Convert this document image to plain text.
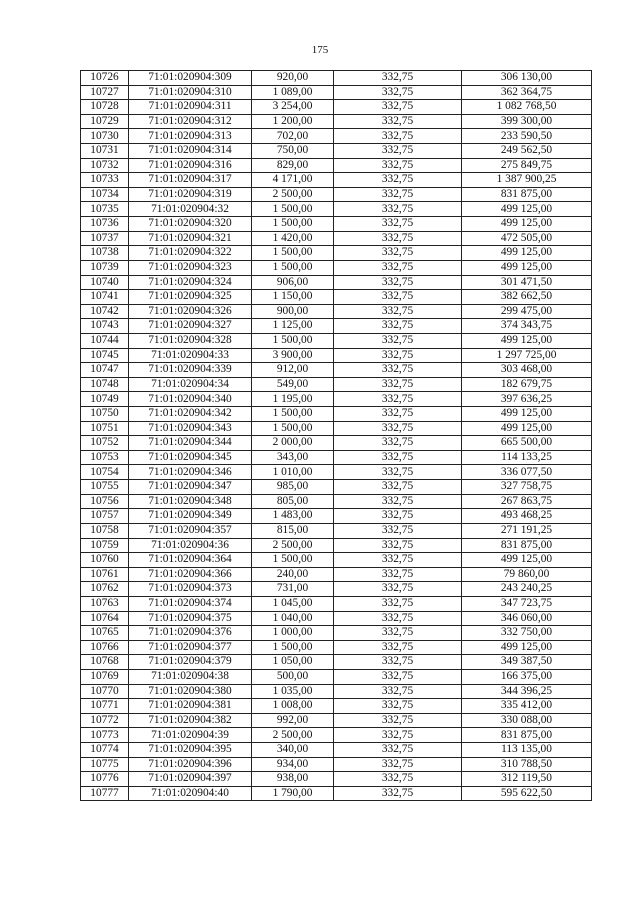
175
10726	71:01:020904:309	920,00	332,75	306 130,00
10727	71:01:020904:310	1 089,00	332,75	362 364,75
10728	71:01:020904:311	3 254,00	332,75	1 082 768,50
10729	71:01:020904:312	1 200,00	332,75	399 300,00
10730	71:01:020904:313	702,00	332,75	233 590,50
10731	71:01:020904:314	750,00	332,75	249 562,50
10732	71:01:020904:316	829,00	332,75	275 849,75
10733	71:01:020904:317	4 171,00	332,75	1 387 900,25
10734	71:01:020904:319	2 500,00	332,75	831 875,00
10735	71:01:020904:32	1 500,00	332,75	499 125,00
10736	71:01:020904:320	1 500,00	332,75	499 125,00
10737	71:01:020904:321	1 420,00	332,75	472 505,00
10738	71:01:020904:322	1 500,00	332,75	499 125,00
10739	71:01:020904:323	1 500,00	332,75	499 125,00
10740	71:01:020904:324	906,00	332,75	301 471,50
10741	71:01:020904:325	1 150,00	332,75	382 662,50
10742	71:01:020904:326	900,00	332,75	299 475,00
10743	71:01:020904:327	1 125,00	332,75	374 343,75
10744	71:01:020904:328	1 500,00	332,75	499 125,00
10745	71:01:020904:33	3 900,00	332,75	1 297 725,00
10747	71:01:020904:339	912,00	332,75	303 468,00
10748	71:01:020904:34	549,00	332,75	182 679,75
10749	71:01:020904:340	1 195,00	332,75	397 636,25
10750	71:01:020904:342	1 500,00	332,75	499 125,00
10751	71:01:020904:343	1 500,00	332,75	499 125,00
10752	71:01:020904:344	2 000,00	332,75	665 500,00
10753	71:01:020904:345	343,00	332,75	114 133,25
10754	71:01:020904:346	1 010,00	332,75	336 077,50
10755	71:01:020904:347	985,00	332,75	327 758,75
10756	71:01:020904:348	805,00	332,75	267 863,75
10757	71:01:020904:349	1 483,00	332,75	493 468,25
10758	71:01:020904:357	815,00	332,75	271 191,25
10759	71:01:020904:36	2 500,00	332,75	831 875,00
10760	71:01:020904:364	1 500,00	332,75	499 125,00
10761	71:01:020904:366	240,00	332,75	79 860,00
10762	71:01:020904:373	731,00	332,75	243 240,25
10763	71:01:020904:374	1 045,00	332,75	347 723,75
10764	71:01:020904:375	1 040,00	332,75	346 060,00
10765	71:01:020904:376	1 000,00	332,75	332 750,00
10766	71:01:020904:377	1 500,00	332,75	499 125,00
10768	71:01:020904:379	1 050,00	332,75	349 387,50
10769	71:01:020904:38	500,00	332,75	166 375,00
10770	71:01:020904:380	1 035,00	332,75	344 396,25
10771	71:01:020904:381	1 008,00	332,75	335 412,00
10772	71:01:020904:382	992,00	332,75	330 088,00
10773	71:01:020904:39	2 500,00	332,75	831 875,00
10774	71:01:020904:395	340,00	332,75	113 135,00
10775	71:01:020904:396	934,00	332,75	310 788,50
10776	71:01:020904:397	938,00	332,75	312 119,50
10777	71:01:020904:40	1 790,00	332,75	595 622,50
